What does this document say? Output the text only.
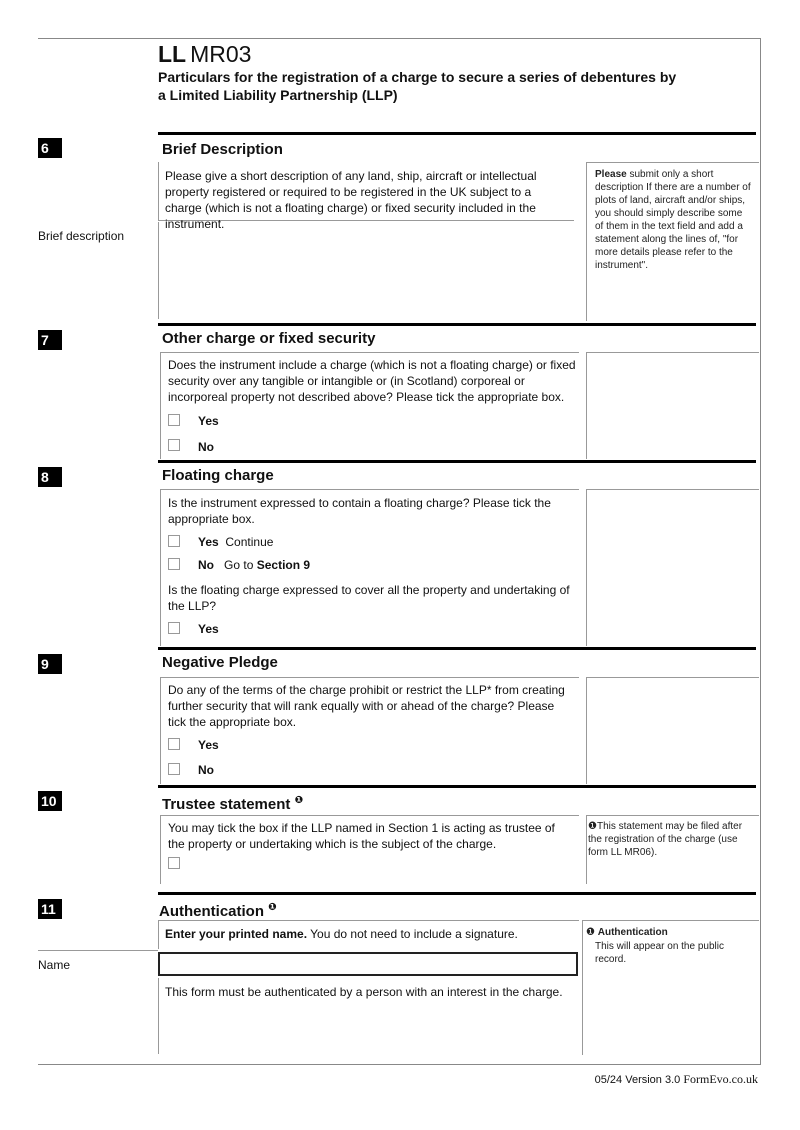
LL MR03
Particulars for the registration of a charge to secure a series of debentures by a Limited Liability Partnership (LLP)
6	Brief Description
Please give a short description of any land, ship, aircraft or intellectual property registered or required to be registered in the UK subject to a charge (which is not a floating charge) or fixed security included in the instrument.
Brief description
Please submit only a short description If there are a number of plots of land, aircraft and/or ships, you should simply describe some of them in the text field and add a statement along the lines of, "for more details please refer to the instrument".
7	Other charge or fixed security
Does the instrument include a charge (which is not a floating charge) or fixed security over any tangible or intangible or (in Scotland) corporeal or incorporeal property not described above? Please tick the appropriate box.
Yes
No
8	Floating charge
Is the instrument expressed to contain a floating charge? Please tick the appropriate box.
Yes Continue
No Go to Section 9
Is the floating charge expressed to cover all the property and undertaking of the LLP?
Yes
9	Negative Pledge
Do any of the terms of the charge prohibit or restrict the LLP* from creating further security that will rank equally with or ahead of the charge? Please tick the appropriate box.
Yes
No
10	Trustee statement $^❶$
You may tick the box if the LLP named in Section 1 is acting as trustee of the property or undertaking which is the subject of the charge.
❶This statement may be filed after the registration of the charge (use form LL MR06).
11	Authentication $^❶$
Enter your printed name. You do not need to include a signature.
Name
This form must be authenticated by a person with an interest in the charge.
❶ Authentication
This will appear on the public record.
05/24 Version 3.0 FormEvo.co.uk
